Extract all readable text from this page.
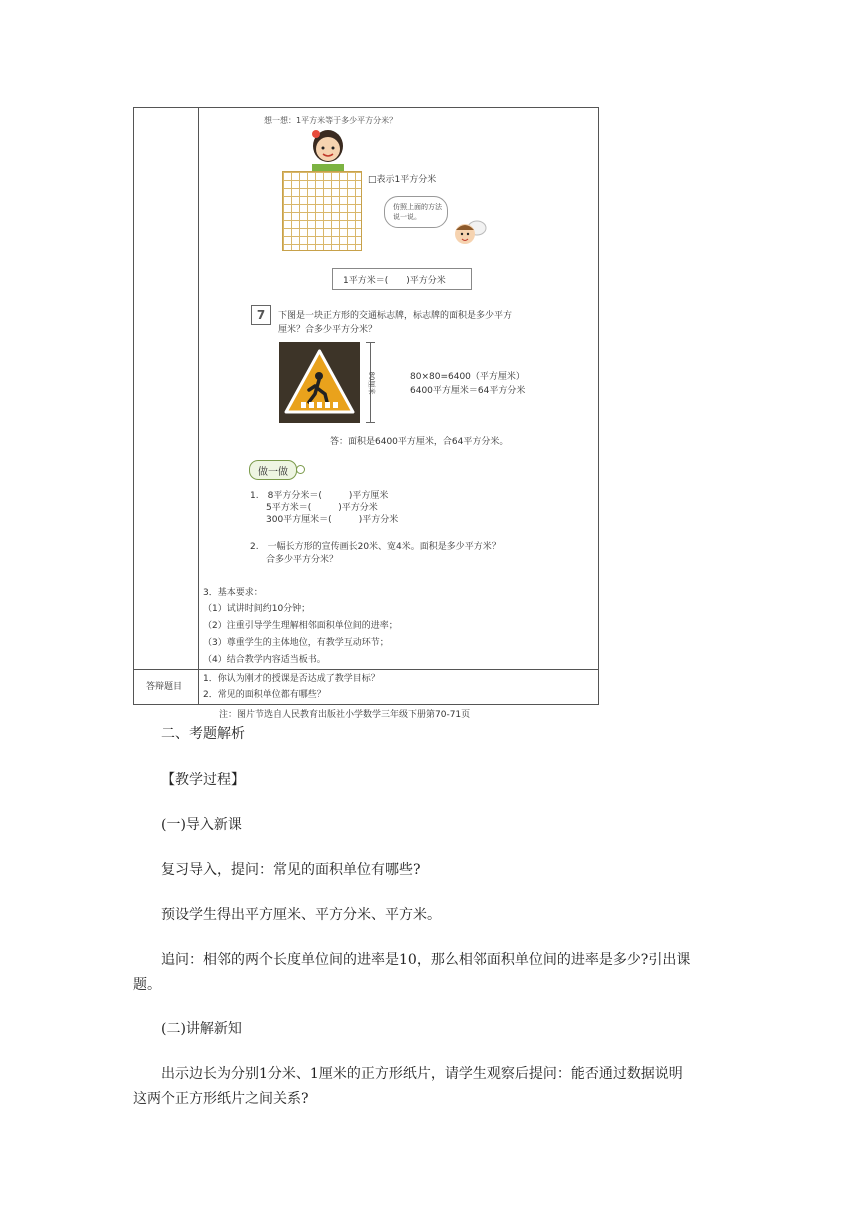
想一想：1平方米等于多少平方分米？
□表示1平方分米
仿照上面的方法
说一说。
1平方米＝(　　)平方分米
7	下图是一块正方形的交通标志牌，标志牌的面积是多少平方
厘米？合多少平方分米？
80厘米	80×80=6400（平方厘米）
6400平方厘米＝64平方分米
答：面积是6400平方厘米，合64平方分米。
做一做
1.　8平方分米＝(　　　)平方厘米
5平方米＝(　　　)平方分米
300平方厘米＝(　　　)平方分米
2.　一幅长方形的宣传画长20米、宽4米。面积是多少平方米？
合多少平方分米？
3．基本要求：
（1）试讲时间约10分钟；
（2）注重引导学生理解相邻面积单位间的进率；
（3）尊重学生的主体地位，有教学互动环节；
（4）结合教学内容适当板书。
答辩题目
1．你认为刚才的授课是否达成了教学目标？
2．常见的面积单位都有哪些？
注：图片节选自人民教育出版社小学数学三年级下册第70-71页
二、考题解析
【教学过程】
(一)导入新课
复习导入，提问：常见的面积单位有哪些?
预设学生得出平方厘米、平方分米、平方米。
追问：相邻的两个长度单位间的进率是10，那么相邻面积单位间的进率是多少?引出课
题。
(二)讲解新知
出示边长为分别1分米、1厘米的正方形纸片，请学生观察后提问：能否通过数据说明
这两个正方形纸片之间关系?
